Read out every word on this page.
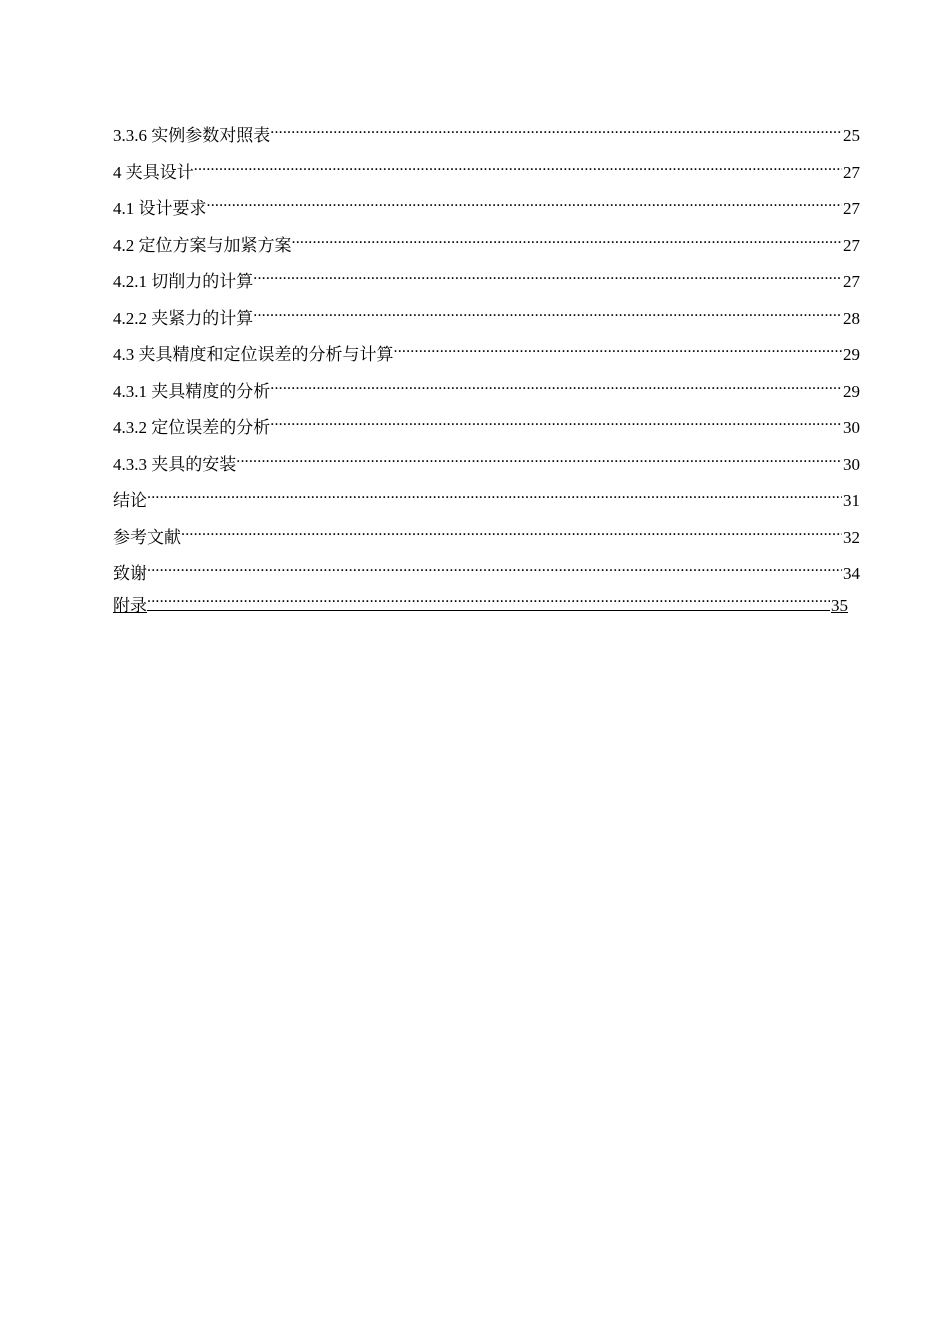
3.3.6 实例参数对照表 .....	25
4 夹具设计 .....	27
4.1 设计要求 .....	27
4.2 定位方案与加紧方案 .....	27
4.2.1 切削力的计算 .....	27
4.2.2 夹紧力的计算 .....	28
4.3 夹具精度和定位误差的分析与计算 .....	29
4.3.1 夹具精度的分析 .....	29
4.3.2 定位误差的分析 .....	30
4.3.3 夹具的安装 .....	30
结论 .....	31
参考文献 .....	32
致谢 .....	34
附录 .....	35
